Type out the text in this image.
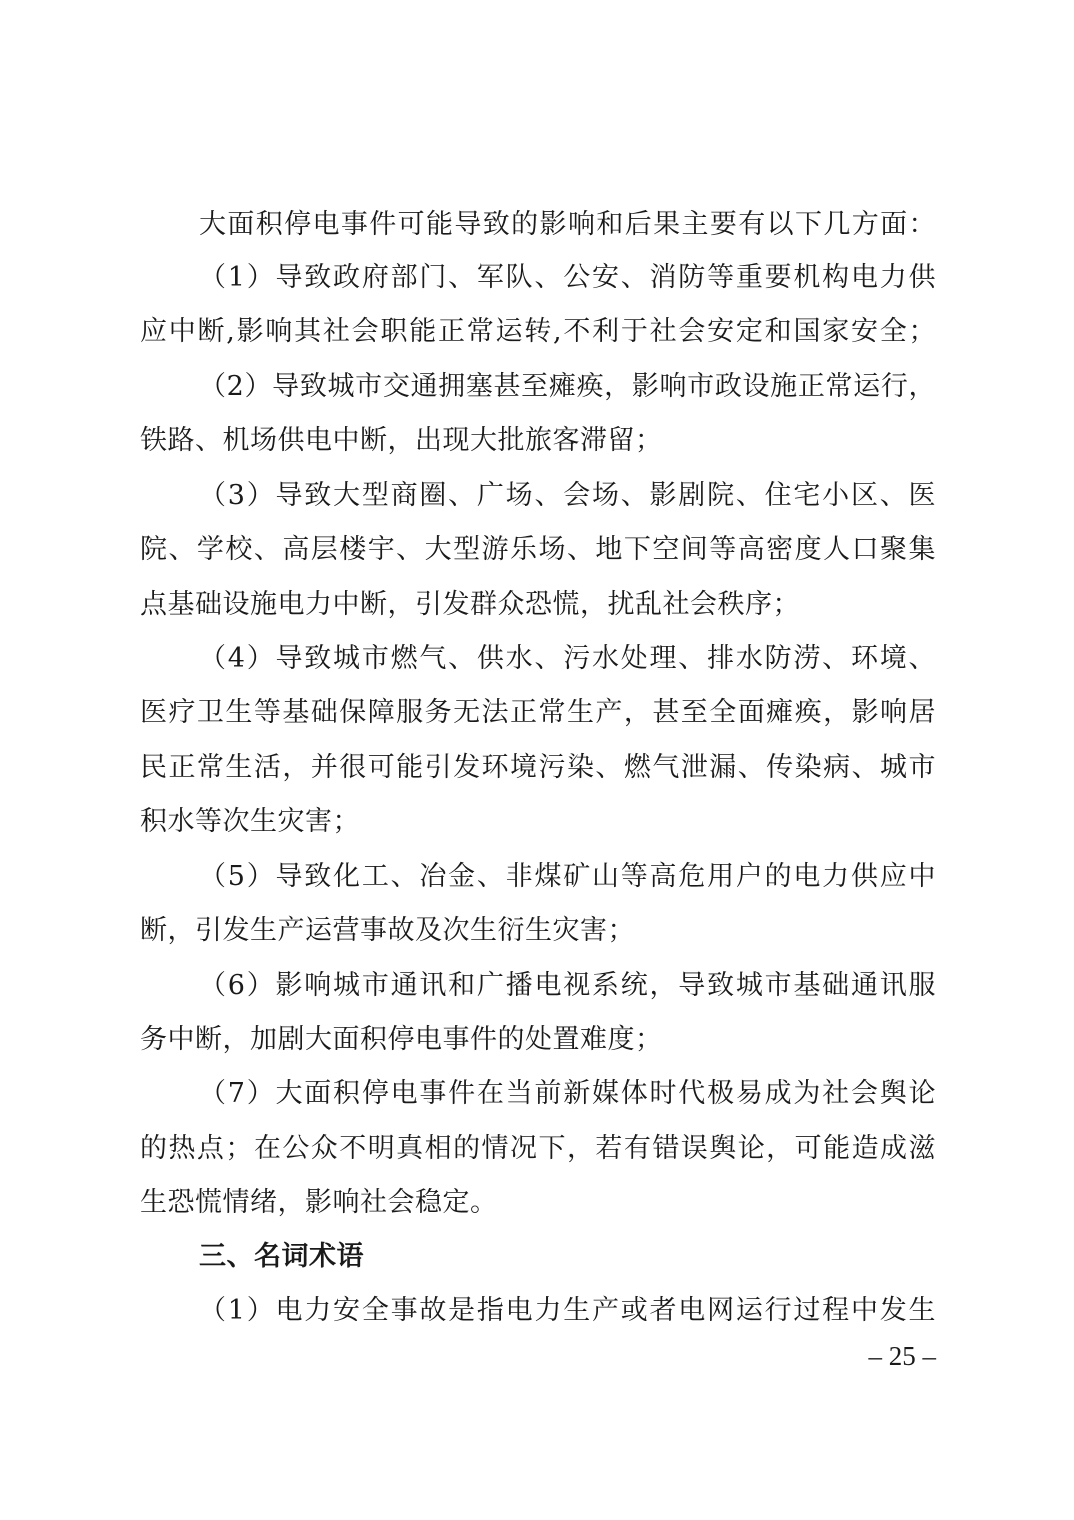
大面积停电事件可能导致的影响和后果主要有以下几方面：
（1）导致政府部门、军队、公安、消防等重要机构电力供
应中断,影响其社会职能正常运转,不利于社会安定和国家安全；
（2）导致城市交通拥塞甚至瘫痪，影响市政设施正常运行，
铁路、机场供电中断，出现大批旅客滞留；
（3）导致大型商圈、广场、会场、影剧院、住宅小区、医
院、学校、高层楼宇、大型游乐场、地下空间等高密度人口聚集
点基础设施电力中断，引发群众恐慌，扰乱社会秩序；
（4）导致城市燃气、供水、污水处理、排水防涝、环境、
医疗卫生等基础保障服务无法正常生产，甚至全面瘫痪，影响居
民正常生活，并很可能引发环境污染、燃气泄漏、传染病、城市
积水等次生灾害；
（5）导致化工、冶金、非煤矿山等高危用户的电力供应中
断，引发生产运营事故及次生衍生灾害；
（6）影响城市通讯和广播电视系统，导致城市基础通讯服
务中断，加剧大面积停电事件的处置难度；
（7）大面积停电事件在当前新媒体时代极易成为社会舆论
的热点；在公众不明真相的情况下，若有错误舆论，可能造成滋
生恐慌情绪，影响社会稳定。
三、名词术语
（1）电力安全事故是指电力生产或者电网运行过程中发生
– 25 –
